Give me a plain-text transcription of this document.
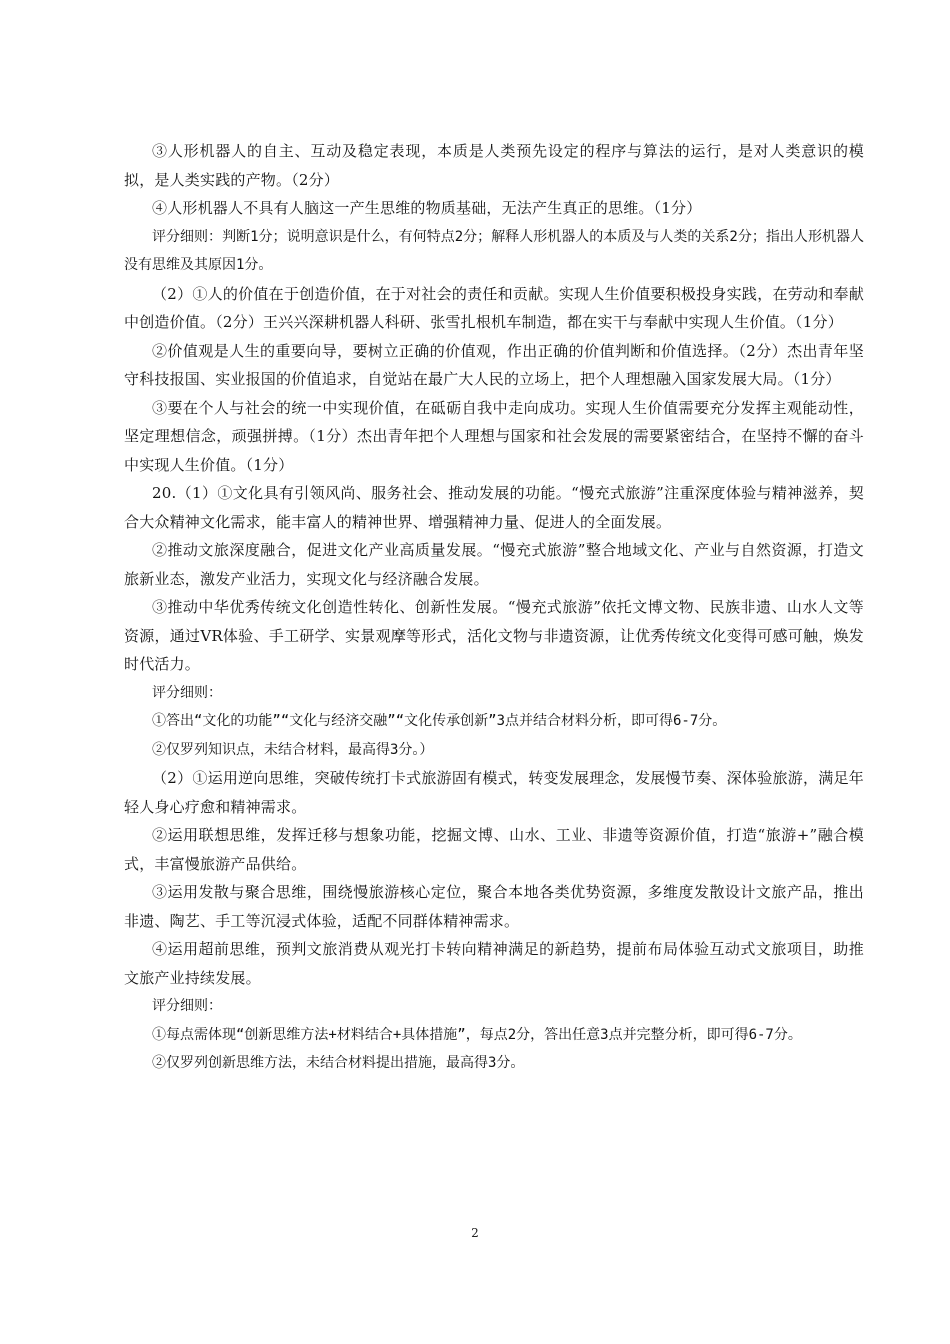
③人形机器人的自主、互动及稳定表现，本质是人类预先设定的程序与算法的运行，是对人类意识的模拟，是人类实践的产物。（2分）

④人形机器人不具有人脑这一产生思维的物质基础，无法产生真正的思维。（1分）

评分细则：判断1分；说明意识是什么，有何特点2分；解释人形机器人的本质及与人类的关系2分；指出人形机器人没有思维及其原因1分。

（2）①人的价值在于创造价值，在于对社会的责任和贡献。实现人生价值要积极投身实践，在劳动和奉献中创造价值。（2分）王兴兴深耕机器人科研、张雪扎根机车制造，都在实干与奉献中实现人生价值。（1分）

②价值观是人生的重要向导，要树立正确的价值观，作出正确的价值判断和价值选择。（2分）杰出青年坚守科技报国、实业报国的价值追求，自觉站在最广大人民的立场上，把个人理想融入国家发展大局。（1分）

③要在个人与社会的统一中实现价值，在砥砺自我中走向成功。实现人生价值需要充分发挥主观能动性，坚定理想信念，顽强拼搏。（1分）杰出青年把个人理想与国家和社会发展的需要紧密结合，在坚持不懈的奋斗中实现人生价值。（1分）

20.（1）①文化具有引领风尚、服务社会、推动发展的功能。“慢充式旅游”注重深度体验与精神滋养，契合大众精神文化需求，能丰富人的精神世界、增强精神力量、促进人的全面发展。

②推动文旅深度融合，促进文化产业高质量发展。“慢充式旅游”整合地域文化、产业与自然资源，打造文旅新业态，激发产业活力，实现文化与经济融合发展。

③推动中华优秀传统文化创造性转化、创新性发展。“慢充式旅游”依托文博文物、民族非遗、山水人文等资源，通过VR体验、手工研学、实景观摩等形式，活化文物与非遗资源，让优秀传统文化变得可感可触，焕发时代活力。

评分细则：

①答出“文化的功能”“文化与经济交融”“文化传承创新”3点并结合材料分析，即可得6-7分。

②仅罗列知识点，未结合材料，最高得3分。）

（2）①运用逆向思维，突破传统打卡式旅游固有模式，转变发展理念，发展慢节奏、深体验旅游，满足年轻人身心疗愈和精神需求。

②运用联想思维，发挥迁移与想象功能，挖掘文博、山水、工业、非遗等资源价值，打造“旅游+”融合模式，丰富慢旅游产品供给。

③运用发散与聚合思维，围绕慢旅游核心定位，聚合本地各类优势资源，多维度发散设计文旅产品，推出非遗、陶艺、手工等沉浸式体验，适配不同群体精神需求。

④运用超前思维，预判文旅消费从观光打卡转向精神满足的新趋势，提前布局体验互动式文旅项目，助推文旅产业持续发展。

评分细则：

①每点需体现“创新思维方法+材料结合+具体措施”，每点2分，答出任意3点并完整分析，即可得6-7分。

②仅罗列创新思维方法，未结合材料提出措施，最高得3分。

2
